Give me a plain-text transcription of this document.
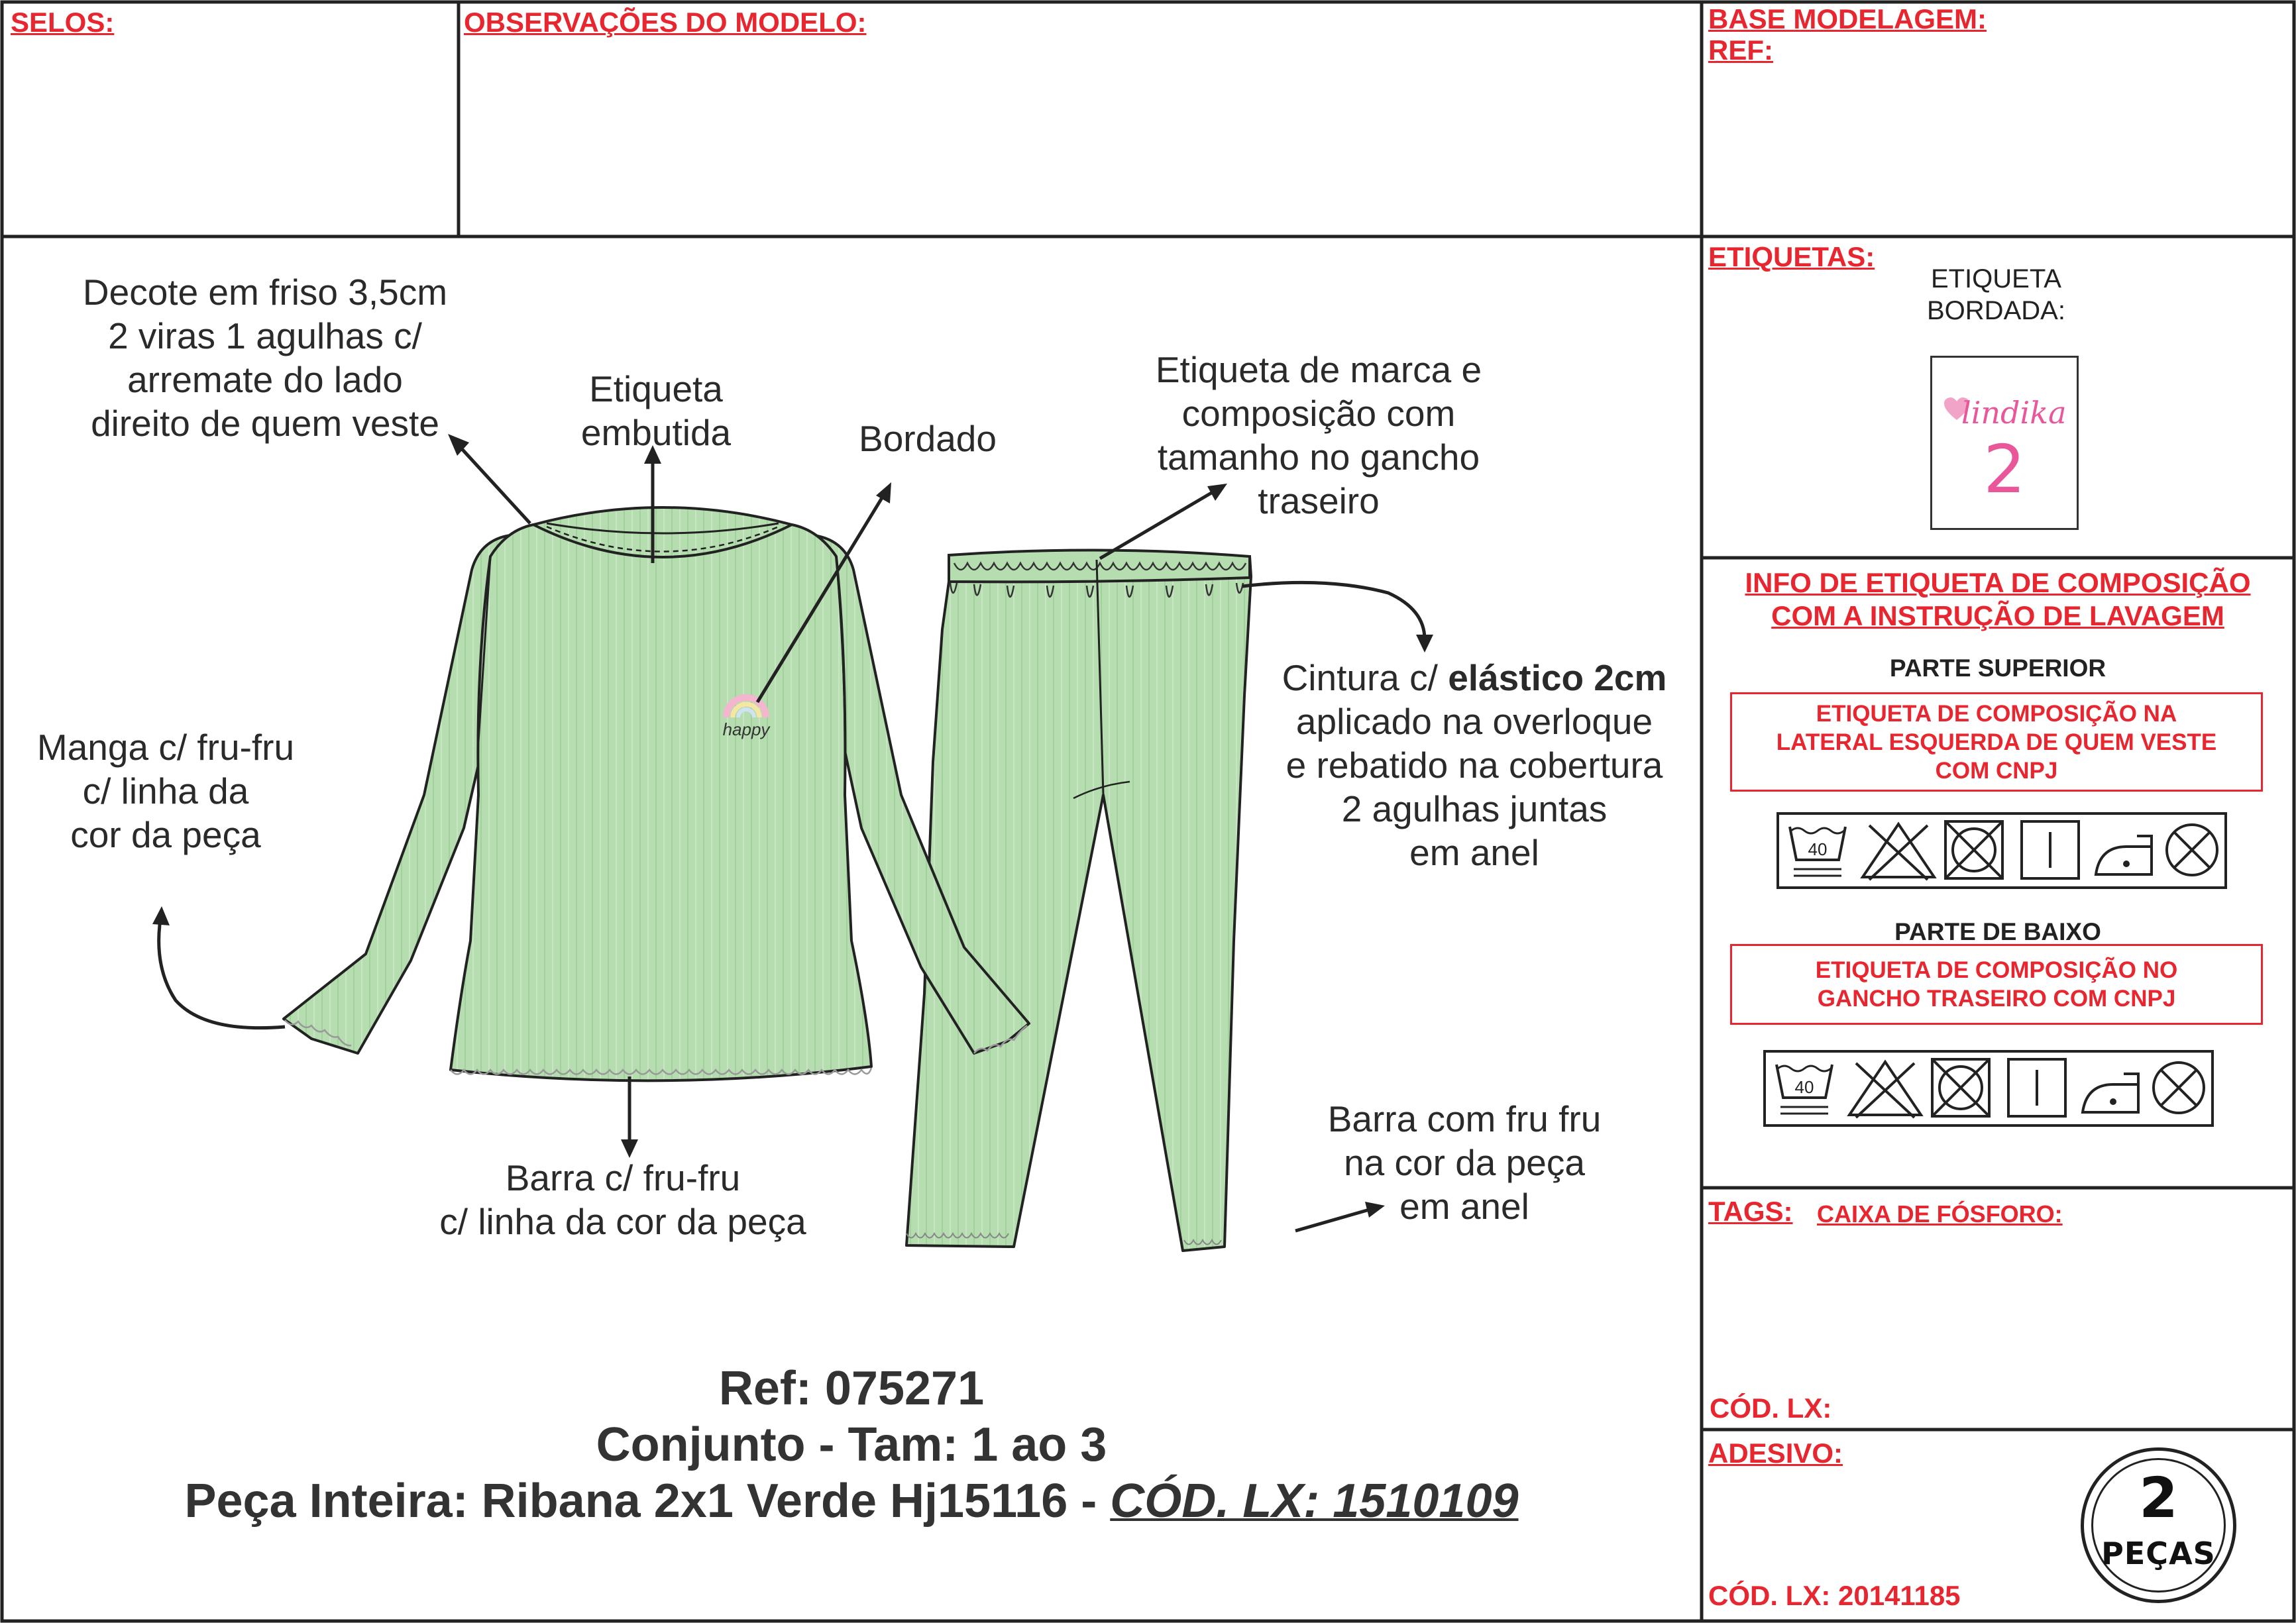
SELOS:	OBSERVAÇÕES DO MODELO:	BASE MODELAGEM:
REF:
ETIQUETAS:
ETIQUETA
BORDADA:
lindika
2
INFO DE ETIQUETA DE COMPOSIÇÃO
COM A INSTRUÇÃO DE LAVAGEM
PARTE SUPERIOR
ETIQUETA DE COMPOSIÇÃO NA
LATERAL ESQUERDA DE QUEM VESTE
COM CNPJ
40
PARTE DE BAIXO
ETIQUETA DE COMPOSIÇÃO NO
GANCHO TRASEIRO COM CNPJ
40
TAGS: CAIXA DE FÓSFORO:
CÓD. LX:
ADESIVO:
CÓD. LX: 20141185
2
PEÇAS
happy
Decote em friso 3,5cm
2 viras 1 agulhas c/
arremate do lado
direito de quem veste
Etiqueta
embutida	Bordado
Etiqueta de marca e
composição com
tamanho no gancho
traseiro
Cintura c/ elástico 2cm
aplicado na overloque
e rebatido na cobertura
2 agulhas juntas
em anel
Manga c/ fru-fru
c/ linha da
cor da peça
Barra c/ fru-fru
c/ linha da cor da peça
Barra com fru fru
na cor da peça
em anel
Ref: 075271
Conjunto - Tam: 1 ao 3
Peça Inteira: Ribana 2x1 Verde Hj15116 - CÓD. LX: 1510109
